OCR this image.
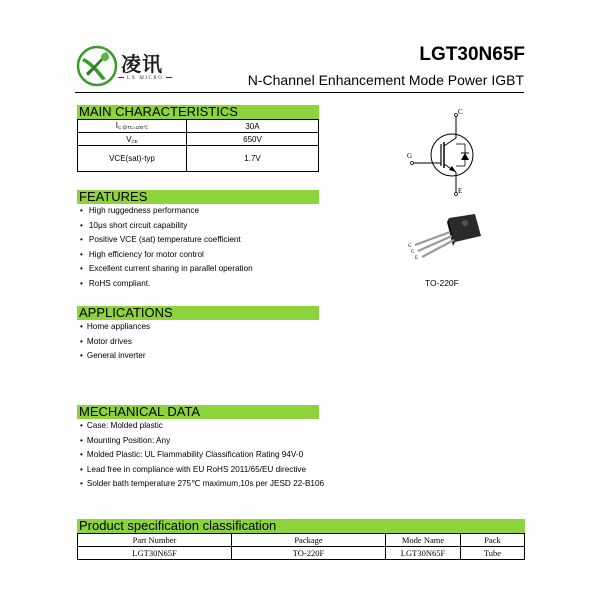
凌讯
LX MICRO
LGT30N65F
N-Channel Enhancement Mode Power IGBT
MAIN CHARACTERISTICS
$I_{C @TC=100℃}$	30A
$V_{CE}$	650V
VCE(sat)-typ	1.7V
C
G
E
G
C
E
TO-220F
FEATURES
• High ruggedness performance
• 10μs short circuit capability
• Positive VCE (sat) temperature coefficient
• High efficiency for motor control
• Excellent current sharing in parallel operation
• RoHS compliant.
APPLICATIONS
• Home appliances
• Motor drives
• General inverter
MECHANICAL DATA
• Case: Molded plastic
• Mounting Position: Any
• Molded Plastic: UL Flammability Classification Rating 94V-0
• Lead free in compliance with EU RoHS 2011/65/EU directive
• Solder bath temperature 275℃ maximum,10s per JESD 22-B106
Product specification classification
Part Number	Package	Mode Name	Pack
LGT30N65F	TO-220F	LGT30N65F	Tube
